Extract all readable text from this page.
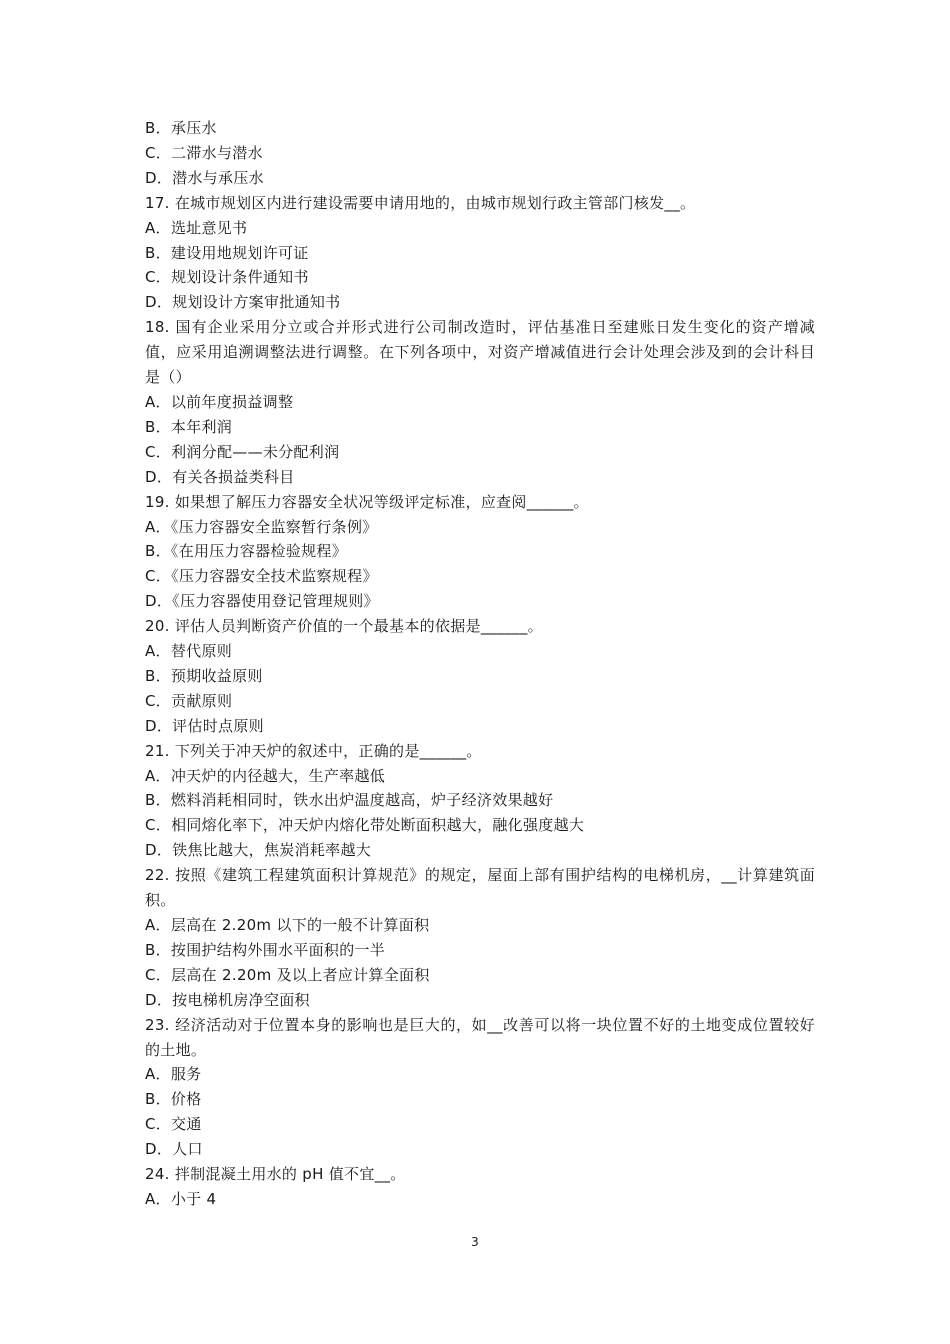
B．承压水
C．二滞水与潜水
D．潜水与承压水
17. 在城市规划区内进行建设需要申请用地的，由城市规划行政主管部门核发__。
A．选址意见书
B．建设用地规划许可证
C．规划设计条件通知书
D．规划设计方案审批通知书
18. 国有企业采用分立或合并形式进行公司制改造时，评估基准日至建账日发生变化的资产增减值，应采用追溯调整法进行调整。在下列各项中，对资产增减值进行会计处理会涉及到的会计科目是（）
A．以前年度损益调整
B．本年利润
C．利润分配——未分配利润
D．有关各损益类科目
19. 如果想了解压力容器安全状况等级评定标准，应查阅______。
A．《压力容器安全监察暂行条例》
B．《在用压力容器检验规程》
C．《压力容器安全技术监察规程》
D．《压力容器使用登记管理规则》
20. 评估人员判断资产价值的一个最基本的依据是______。
A．替代原则
B．预期收益原则
C．贡献原则
D．评估时点原则
21. 下列关于冲天炉的叙述中，正确的是______。
A．冲天炉的内径越大，生产率越低
B．燃料消耗相同时，铁水出炉温度越高，炉子经济效果越好
C．相同熔化率下，冲天炉内熔化带处断面积越大，融化强度越大
D．铁焦比越大，焦炭消耗率越大
22. 按照《建筑工程建筑面积计算规范》的规定，屋面上部有围护结构的电梯机房，__计算建筑面积。
A．层高在 2.20m 以下的一般不计算面积
B．按围护结构外围水平面积的一半
C．层高在 2.20m 及以上者应计算全面积
D．按电梯机房净空面积
23. 经济活动对于位置本身的影响也是巨大的，如__改善可以将一块位置不好的土地变成位置较好的土地。
A．服务
B．价格
C．交通
D．人口
24. 拌制混凝土用水的 pH 值不宜__。
A．小于 4
3
